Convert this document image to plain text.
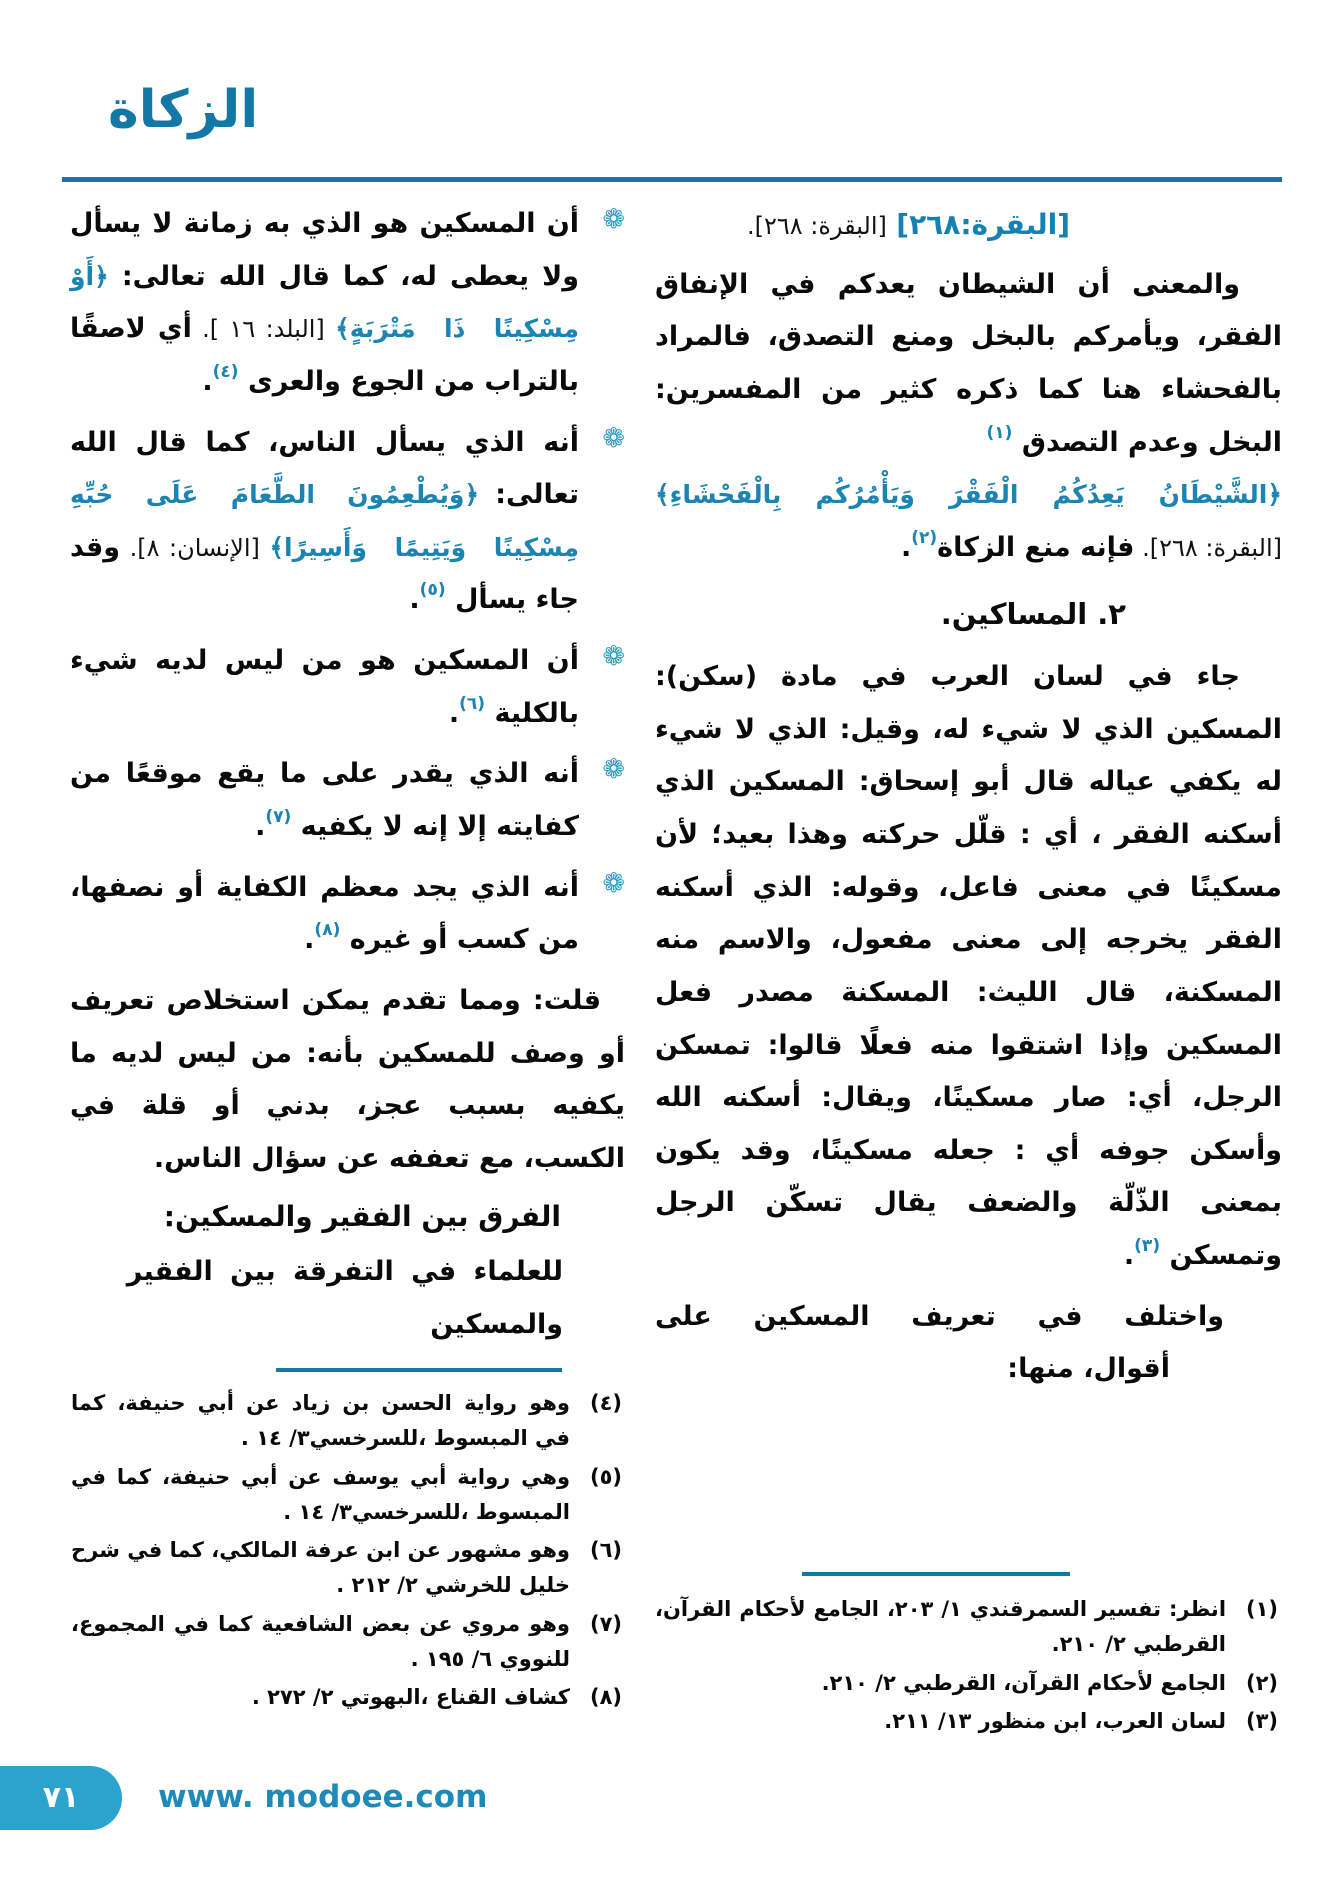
الزكاة
[البقرة:٢٦٨] [البقرة: ٢٦٨].

والمعنى أن الشيطان يعدكم في الإنفاق الفقر، ويأمركم بالبخل ومنع التصدق، فالمراد بالفحشاء هنا كما ذكره كثير من المفسرين: البخل وعدم التصدق $^{(١)}$

﴿الشَّيْطَانُ يَعِدُكُمُ الْفَقْرَ وَيَأْمُرُكُم بِالْفَحْشَاءِ﴾ [البقرة: ٢٦٨]. فإنه منع الزكاة$^{(٢)}$.

٢. المساكين.

جاء في لسان العرب في مادة (سكن): المسكين الذي لا شيء له، وقيل: الذي لا شيء له يكفي عياله قال أبو إسحاق: المسكين الذي أسكنه الفقر ، أي : قلّل حركته وهذا بعيد؛ لأن مسكينًا في معنى فاعل، وقوله: الذي أسكنه الفقر يخرجه إلى معنى مفعول، والاسم منه المسكنة، قال الليث: المسكنة مصدر فعل المسكين وإذا اشتقوا منه فعلًا قالوا: تمسكن الرجل، أي: صار مسكينًا، ويقال: أسكنه الله وأسكن جوفه أي : جعله مسكينًا، وقد يكون بمعنى الذّلّة والضعف يقال تسكّن الرجل وتمسكن $^{(٣)}$.

واختلف في تعريف المسكين على
أقوال، منها:
❁
أن المسكين هو الذي به زمانة لا يسأل ولا يعطى له، كما قال الله تعالى: ﴿أَوْ مِسْكِينًا ذَا مَتْرَبَةٍ﴾ [البلد: ١٦ ]. أي لاصقًا بالتراب من الجوع والعرى $^{(٤)}$.
❁
أنه الذي يسأل الناس، كما قال الله تعالى: ﴿وَيُطْعِمُونَ الطَّعَامَ عَلَى حُبِّهِ مِسْكِينًا وَيَتِيمًا وَأَسِيرًا﴾ [الإنسان: ٨]. وقد جاء يسأل $^{(٥)}$.
❁
أن المسكين هو من ليس لديه شيء بالكلية $^{(٦)}$.
❁
أنه الذي يقدر على ما يقع موقعًا من كفايته إلا إنه لا يكفيه $^{(٧)}$.
❁
أنه الذي يجد معظم الكفاية أو نصفها، من كسب أو غيره $^{(٨)}$.

قلت: ومما تقدم يمكن استخلاص تعريف أو وصف للمسكين بأنه: من ليس لديه ما يكفيه بسبب عجز، بدني أو قلة في الكسب، مع تعففه عن سؤال الناس.

الفرق بين الفقير والمسكين:
للعلماء في التفرقة بين الفقير والمسكين
(١)
انظر: تفسير السمرقندي ١/ ٢٠٣، الجامع لأحكام القرآن، القرطبي ٢/ ٢١٠.
(٢)
الجامع لأحكام القرآن، القرطبي ٢/ ٢١٠.
(٣)
لسان العرب، ابن منظور ١٣/ ٢١١.
(٤)
وهو رواية الحسن بن زياد عن أبي حنيفة، كما في المبسوط ،للسرخسي٣/ ١٤ .
(٥)
وهي رواية أبي يوسف عن أبي حنيفة، كما في المبسوط ،للسرخسي٣/ ١٤ .
(٦)
وهو مشهور عن ابن عرفة المالكي، كما في شرح خليل للخرشي ٢/ ٢١٢ .
(٧)
وهو مروي عن بعض الشافعية كما في المجموع، للنووي ٦/ ١٩٥ .
(٨)
كشاف القناع ،البهوتي ٢/ ٢٧٢ .
٧١	www. modoee.com
